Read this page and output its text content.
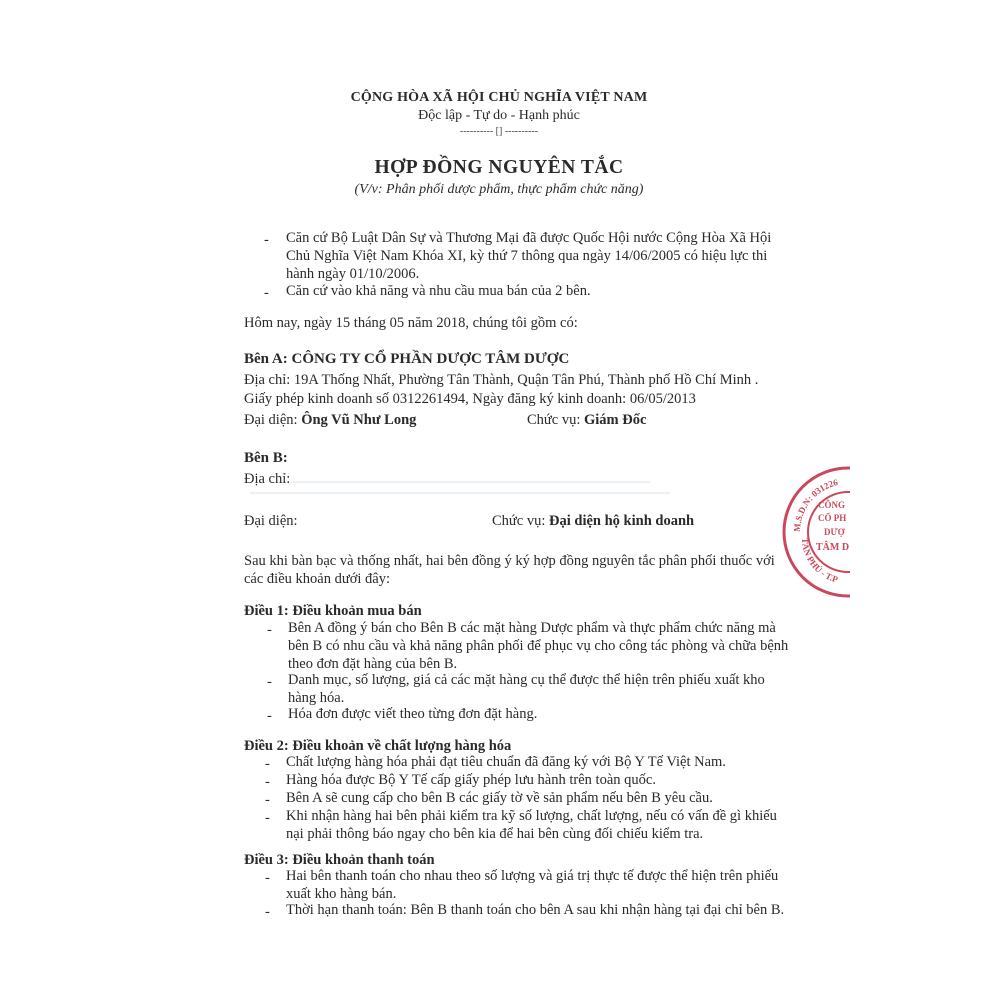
CỘNG HÒA XÃ HỘI CHỦ NGHĨA VIỆT NAM
Độc lập - Tự do - Hạnh phúc
---------- [] ----------
HỢP ĐỒNG NGUYÊN TẮC
(V/v: Phân phối dược phẩm, thực phẩm chức năng)
- Căn cứ Bộ Luật Dân Sự và Thương Mại đã được Quốc Hội nước Cộng Hòa Xã Hội
Chủ Nghĩa Việt Nam Khóa XI, kỳ thứ 7 thông qua ngày 14/06/2005 có hiệu lực thi
hành ngày 01/10/2006.
- Căn cứ vào khả năng và nhu cầu mua bán của 2 bên.
Hôm nay, ngày 15 tháng 05 năm 2018, chúng tôi gồm có:
Bên A: CÔNG TY CỔ PHẦN DƯỢC TÂM DƯỢC
Địa chỉ: 19A Thống Nhất, Phường Tân Thành, Quận Tân Phú, Thành phố Hồ Chí Minh .
Giấy phép kinh doanh số 0312261494, Ngày đăng ký kinh doanh: 06/05/2013
Đại diện: Ông Vũ Như Long	Chức vụ: Giám Đốc
Bên B:
Địa chỉ:
Đại diện:	Chức vụ: Đại diện hộ kinh doanh
Sau khi bàn bạc và thống nhất, hai bên đồng ý ký hợp đồng nguyên tắc phân phối thuốc với
các điều khoản dưới đây:
Điều 1: Điều khoản mua bán
- Bên A đồng ý bán cho Bên B các mặt hàng Dược phẩm và thực phẩm chức năng mà
bên B có nhu cầu và khả năng phân phối để phục vụ cho công tác phòng và chữa bệnh
theo đơn đặt hàng của bên B.
- Danh mục, số lượng, giá cả các mặt hàng cụ thể được thể hiện trên phiếu xuất kho
hàng hóa.
- Hóa đơn được viết theo từng đơn đặt hàng.
Điều 2: Điều khoản về chất lượng hàng hóa
- Chất lượng hàng hóa phải đạt tiêu chuẩn đã đăng ký với Bộ Y Tế Việt Nam.
- Hàng hóa được Bộ Y Tế cấp giấy phép lưu hành trên toàn quốc.
- Bên A sẽ cung cấp cho bên B các giấy tờ về sản phẩm nếu bên B yêu cầu.
- Khi nhận hàng hai bên phải kiểm tra kỹ số lượng, chất lượng, nếu có vấn đề gì khiếu
nại phải thông báo ngay cho bên kia để hai bên cùng đối chiếu kiểm tra.
Điều 3: Điều khoản thanh toán
- Hai bên thanh toán cho nhau theo số lượng và giá trị thực tế được thể hiện trên phiếu
xuất kho hàng bán.
- Thời hạn thanh toán: Bên B thanh toán cho bên A sau khi nhận hàng tại đại chỉ bên B.
M.S.D.N: 031226
TÂN PHÚ - T.P
CÔNG
CỔ PH
DƯỢ
TÂM D
